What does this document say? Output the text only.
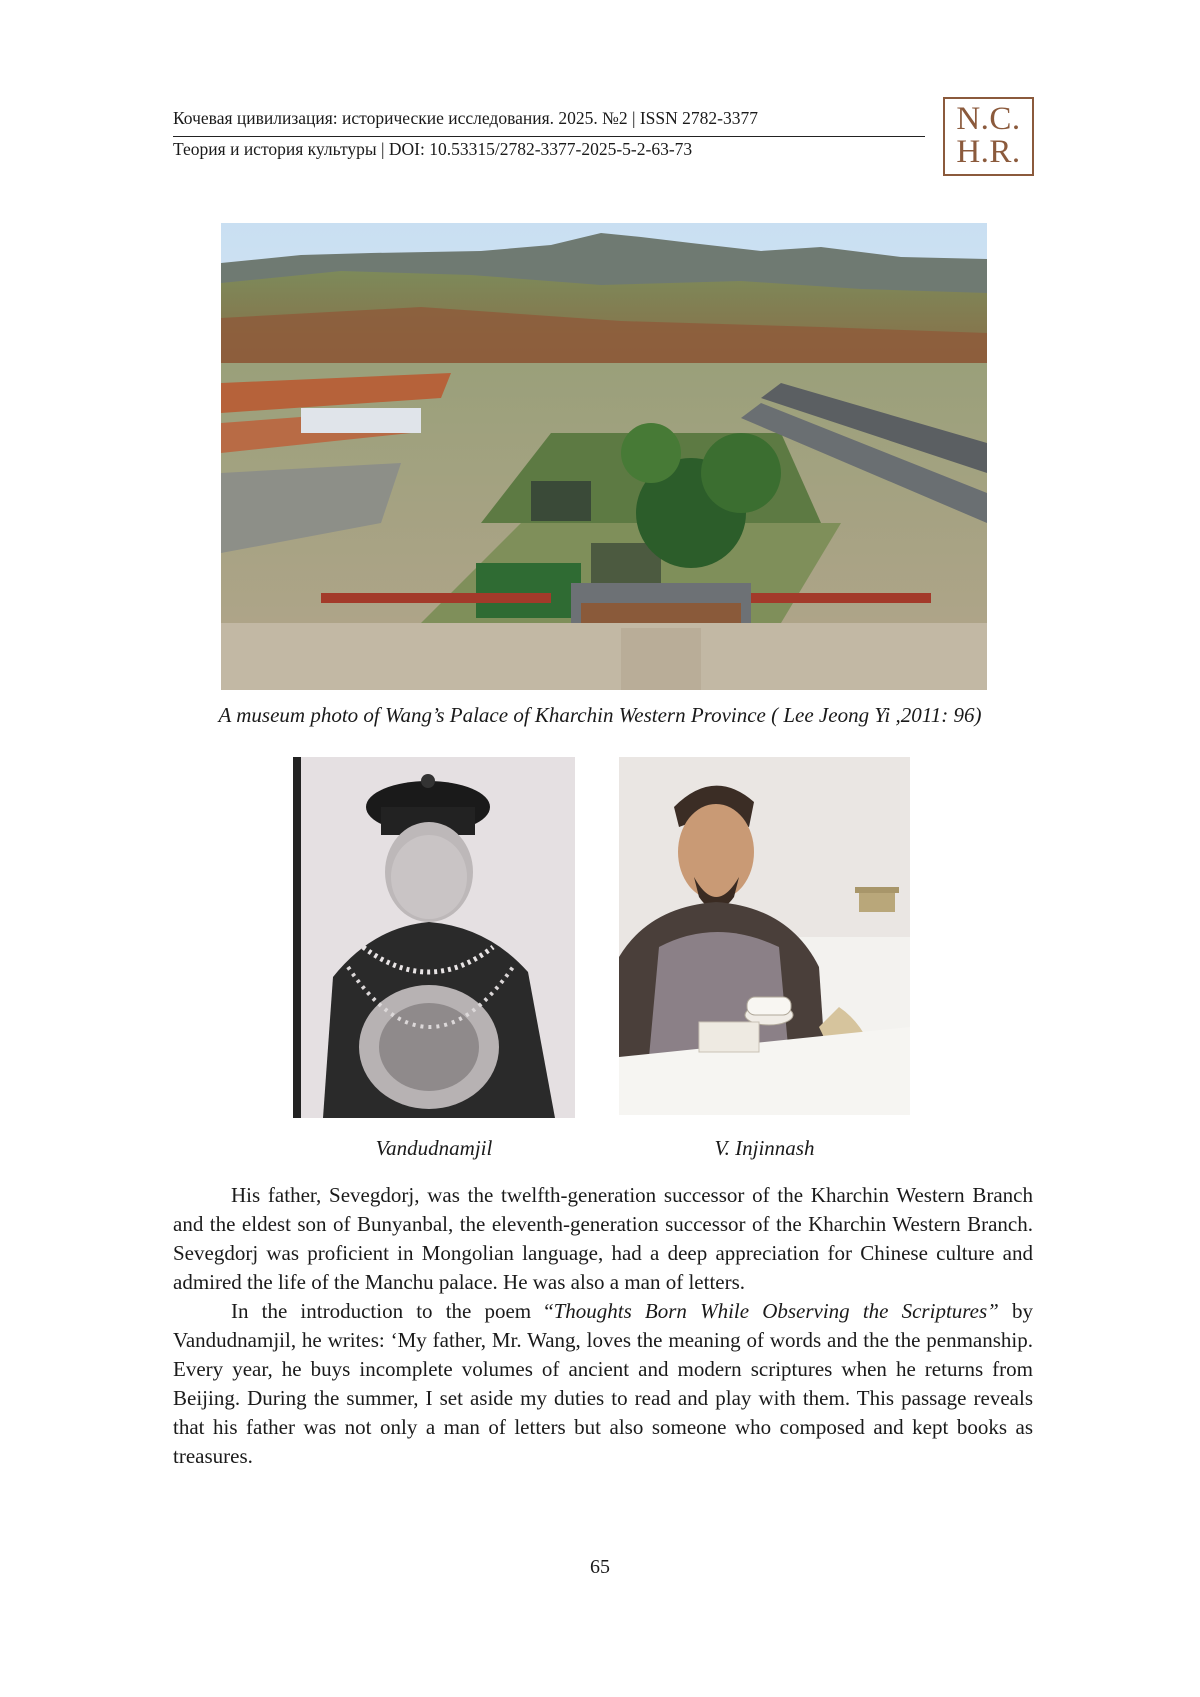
Кочевая цивилизация: исторические исследования. 2025. №2 | ISSN 2782-3377
Теория и история культуры | DOI: 10.53315/2782-3377-2025-5-2-63-73
N.C.
H.R.
A museum photo of Wang’s Palace of Kharchin Western Province ( Lee Jeong Yi ,2011: 96)
Vandudnamjil	V. Injinnash

His father, Sevegdorj, was the twelfth-generation successor of the Kharchin Western Branch and the eldest son of Bunyanbal, the eleventh-generation successor of the Kharchin Western Branch. Sevegdorj was proficient in Mongolian language, had a deep appreciation for Chinese culture and admired the life of the Manchu palace. He was also a man of letters.

In the introduction to the poem “Thoughts Born While Observing the Scriptures” by Vandudnamjil, he writes: ‘My father, Mr. Wang, loves the meaning of words and the the penmanship. Every year, he buys incomplete volumes of ancient and modern scriptures when he returns from Beijing. During the summer, I set aside my duties to read and play with them. This passage reveals that his father was not only a man of letters but also someone who composed and kept books as treasures.

65
